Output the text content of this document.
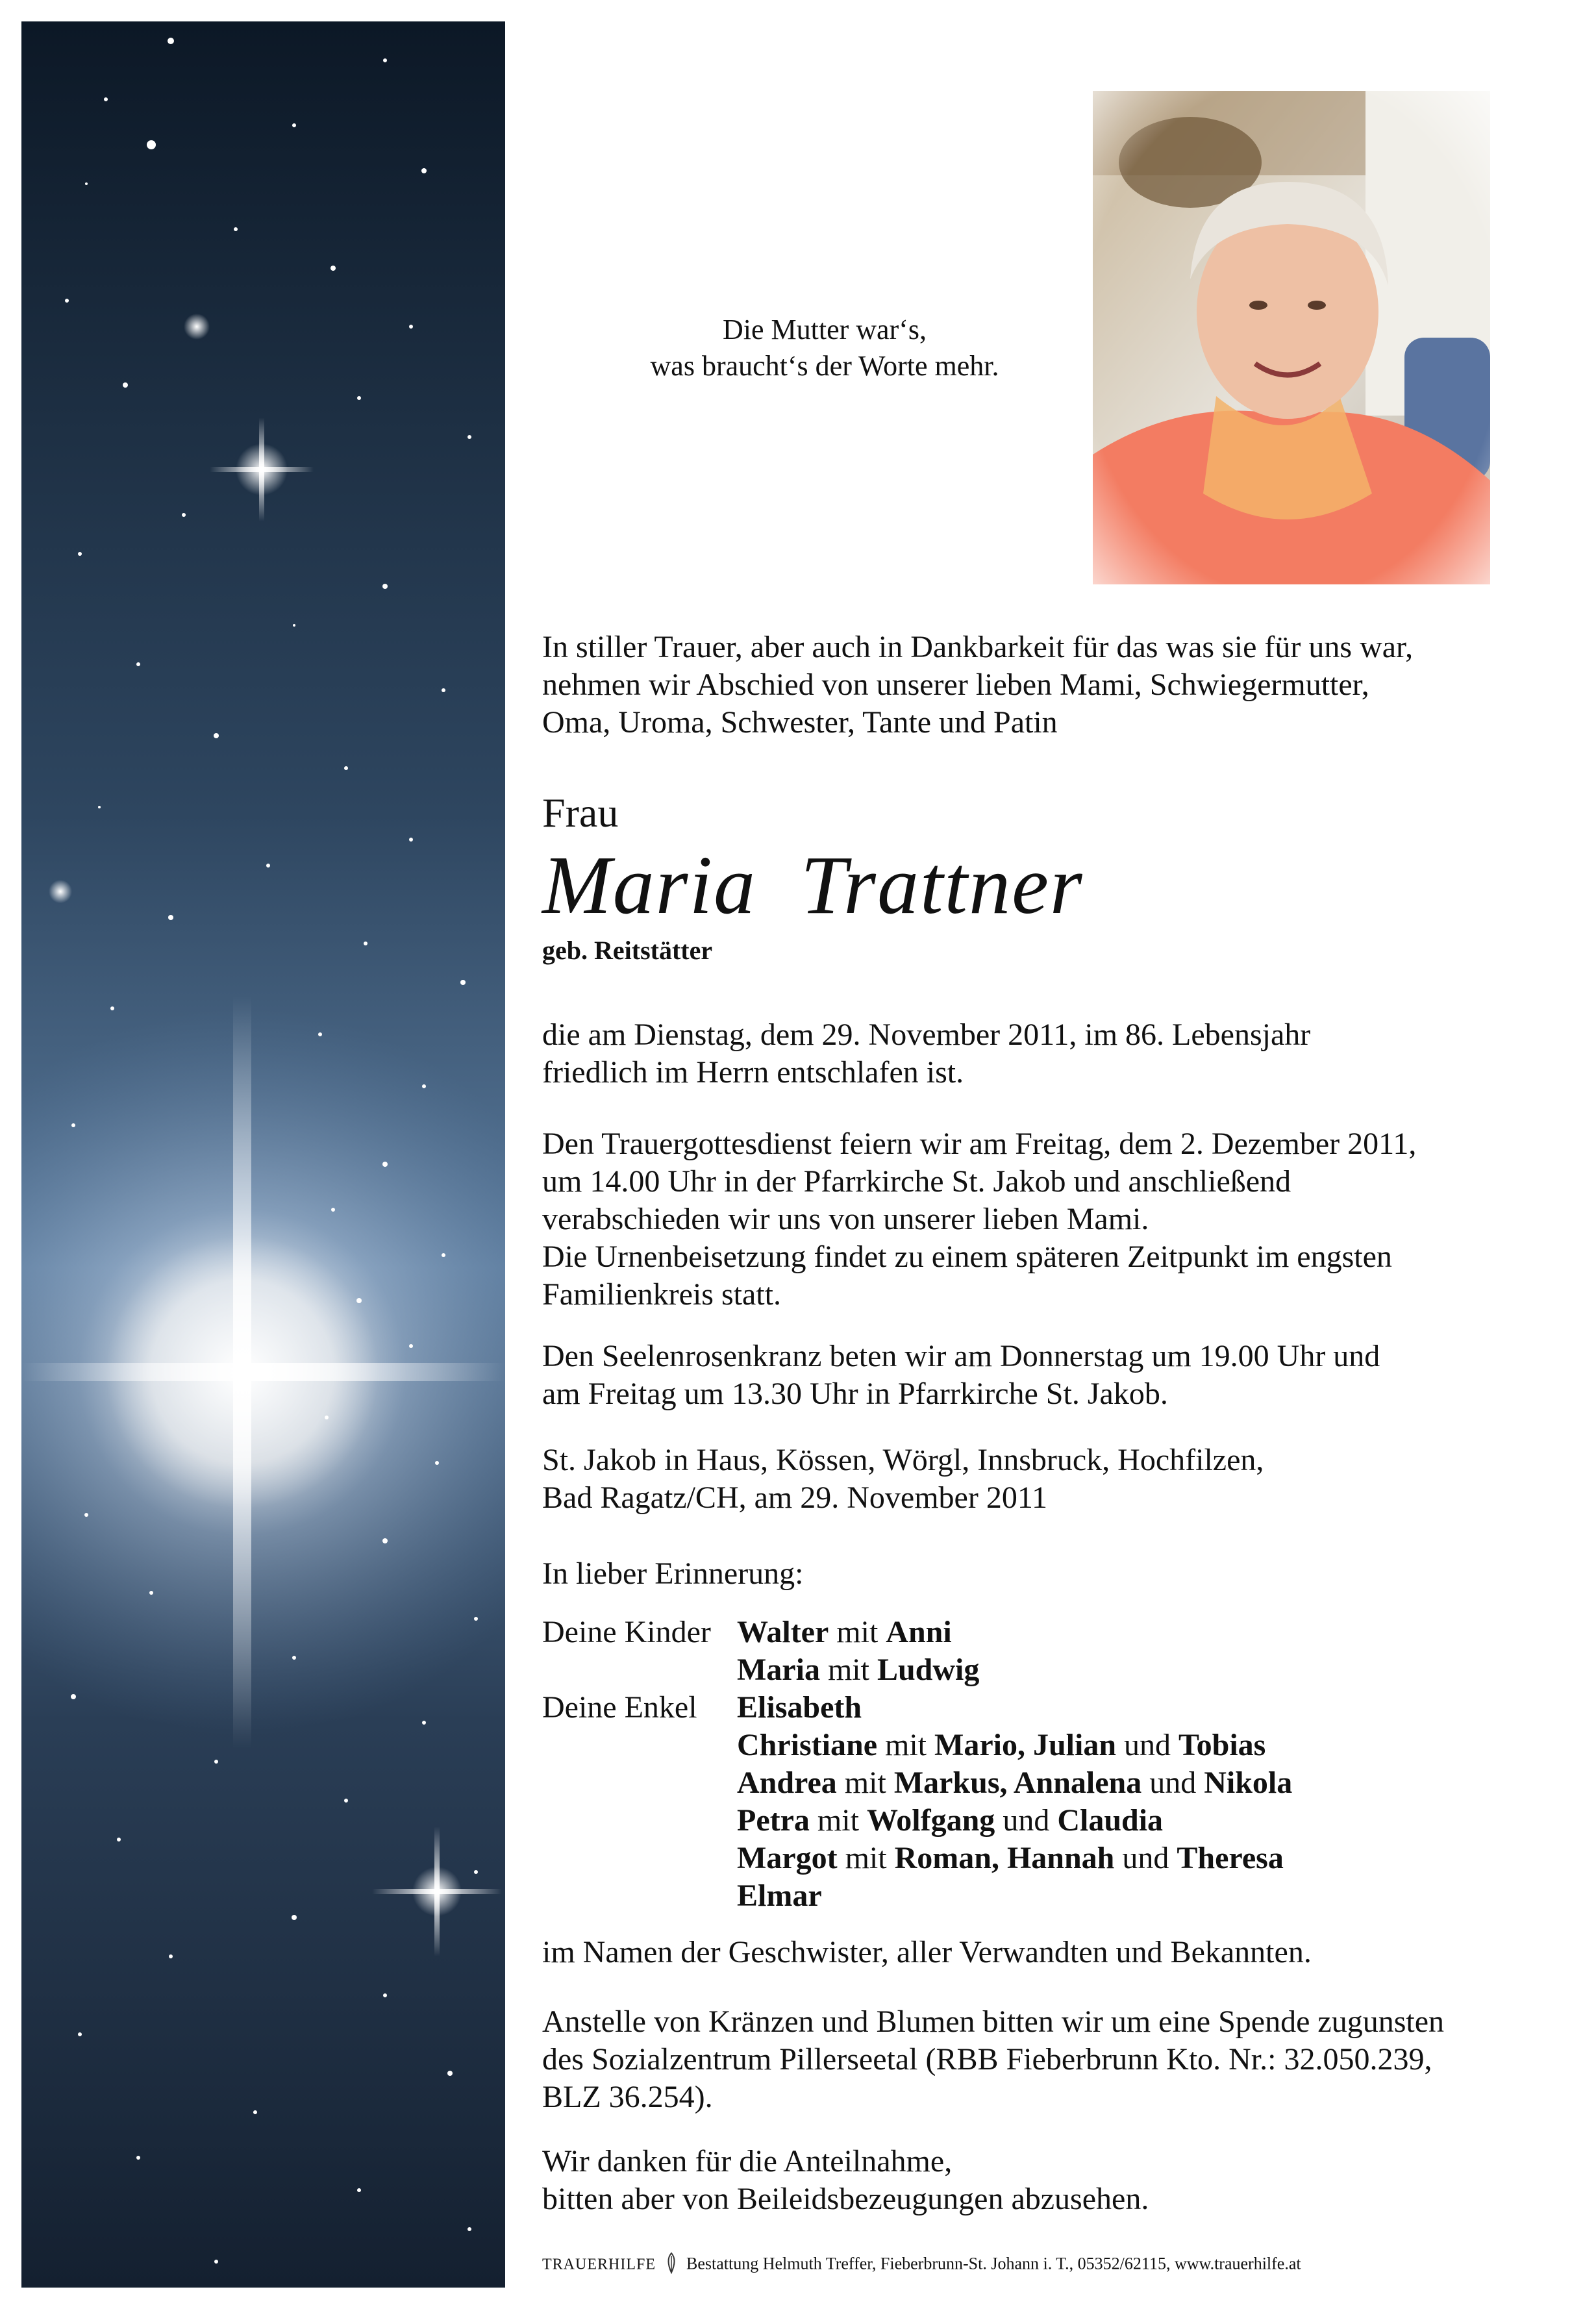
Die Mutter war‘s,
was braucht‘s der Worte mehr.
In stiller Trauer, aber auch in Dankbarkeit für das was sie für uns war,
nehmen wir Abschied von unserer lieben Mami, Schwiegermutter,
Oma, Uroma, Schwester, Tante und Patin
Frau
Maria  Trattner
geb. Reitstätter
die am Dienstag, dem 29. November 2011, im 86. Lebensjahr
friedlich im Herrn entschlafen ist.
Den Trauergottesdienst feiern wir am Freitag, dem 2. Dezember 2011,
um 14.00 Uhr in der Pfarrkirche St. Jakob und anschließend
verabschieden wir uns von unserer lieben Mami.
Die Urnenbeisetzung findet zu einem späteren Zeitpunkt im engsten
Familienkreis statt.
Den Seelenrosenkranz beten wir am Donnerstag um 19.00 Uhr und
am Freitag um 13.30 Uhr in Pfarrkirche St. Jakob.
St. Jakob in Haus, Kössen, Wörgl, Innsbruck, Hochfilzen,
Bad Ragatz/CH, am 29. November 2011
In lieber Erinnerung:
Deine Kinder
Deine Enkel
Walter mit Anni
Maria mit Ludwig
Elisabeth
Christiane mit Mario, Julian und Tobias
Andrea mit Markus, Annalena und Nikola
Petra mit Wolfgang und Claudia
Margot mit Roman, Hannah und Theresa
Elmar
im Namen der Geschwister, aller Verwandten und Bekannten.
Anstelle von Kränzen und Blumen bitten wir um eine Spende zugunsten
des Sozialzentrum Pillerseetal (RBB Fieberbrunn Kto. Nr.: 32.050.239,
BLZ 36.254).
Wir danken für die Anteilnahme,
bitten aber von Beileidsbezeugungen abzusehen.
TRAUERHILFE Bestattung Helmuth Treffer, Fieberbrunn-St. Johann i. T., 05352/62115, www.trauerhilfe.at
